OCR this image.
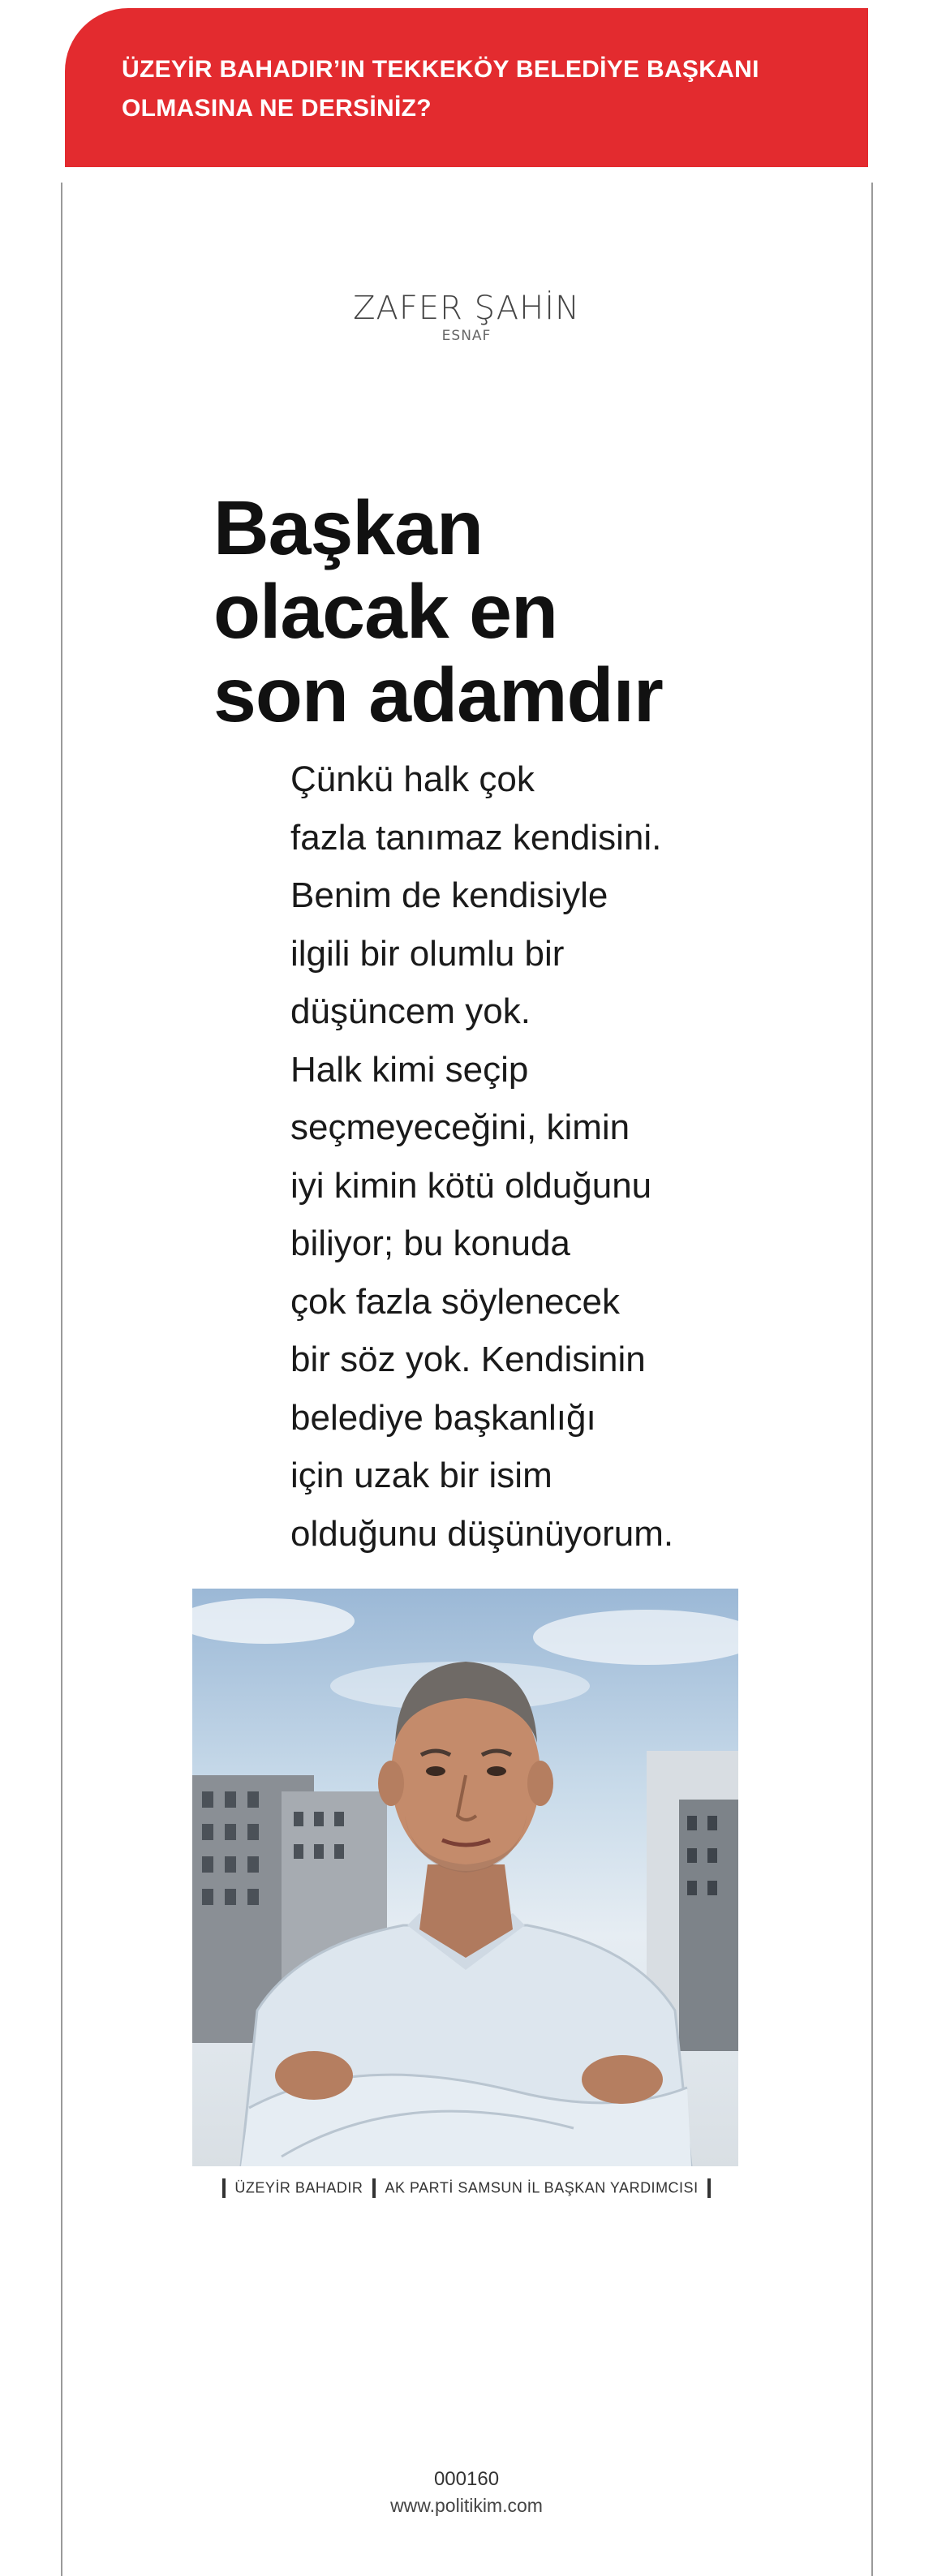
ÜZEYİR BAHADIR’IN TEKKEKÖY BELEDİYE BAŞKANI
OLMASINA NE DERSİNİZ?
ZAFER ŞAHİN
ESNAF
Başkan
olacak en
son adamdır
Çünkü halk çok
fazla tanımaz kendisini.
Benim de kendisiyle
ilgili bir olumlu bir
düşüncem yok.
Halk kimi seçip
seçmeyeceğini, kimin
iyi kimin kötü olduğunu
biliyor; bu konuda
çok fazla söylenecek
bir söz yok. Kendisinin
belediye başkanlığı
için uzak bir isim
olduğunu düşünüyorum.
ÜZEYİR BAHADIR AK PARTİ SAMSUN İL BAŞKAN YARDIMCISI
000160
www.politikim.com
